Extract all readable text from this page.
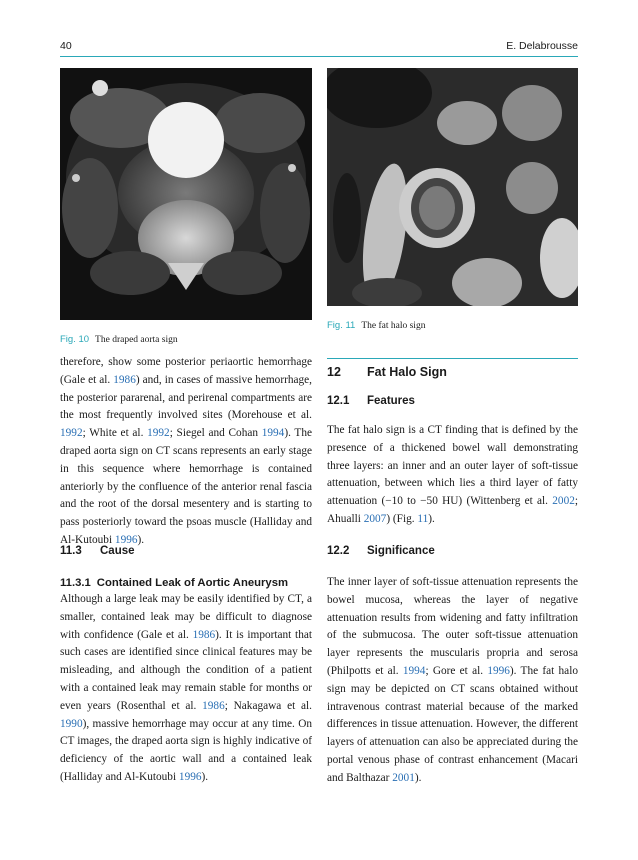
40	E. Delabrousse
Fig. 10 The draped aorta sign
Fig. 11 The fat halo sign

therefore, show some posterior periaortic hemorrhage (Gale et al. 1986) and, in cases of massive hemorrhage, the posterior pararenal, and perirenal compartments are the most frequently involved sites (Morehouse et al. 1992; White et al. 1992; Siegel and Cohan 1994). The draped aorta sign on CT scans represents an early stage in this sequence where hemorrhage is contained anteriorly by the confluence of the anterior renal fascia and the root of the dorsal mesentery and is starting to pass posteriorly toward the psoas muscle (Halliday and Al-Kutoubi 1996).

11.3 Cause
11.3.1 Contained Leak of Aortic Aneurysm

Although a large leak may be easily identified by CT, a smaller, contained leak may be difficult to diagnose with confidence (Gale et al. 1986). It is important that such cases are identified since clinical features may be misleading, and although the condition of a patient with a contained leak may remain stable for months or even years (Rosenthal et al. 1986; Nakagawa et al. 1990), massive hemorrhage may occur at any time. On CT images, the draped aorta sign is highly indicative of deficiency of the aortic wall and a contained leak (Halliday and Al-Kutoubi 1996).

12 Fat Halo Sign
12.1 Features

The fat halo sign is a CT finding that is defined by the presence of a thickened bowel wall demonstrating three layers: an inner and an outer layer of soft-tissue attenuation, between which lies a third layer of fatty attenuation (−10 to −50 HU) (Wittenberg et al. 2002; Ahualli 2007) (Fig. 11).

12.2 Significance

The inner layer of soft-tissue attenuation represents the bowel mucosa, whereas the layer of negative attenuation results from widening and fatty infiltration of the submucosa. The outer soft-tissue attenuation layer represents the muscularis propria and serosa (Philpotts et al. 1994; Gore et al. 1996). The fat halo sign may be depicted on CT scans obtained without intravenous contrast material because of the marked differences in tissue attenuation. However, the different layers of attenuation can also be appreciated during the portal venous phase of contrast enhancement (Macari and Balthazar 2001).
